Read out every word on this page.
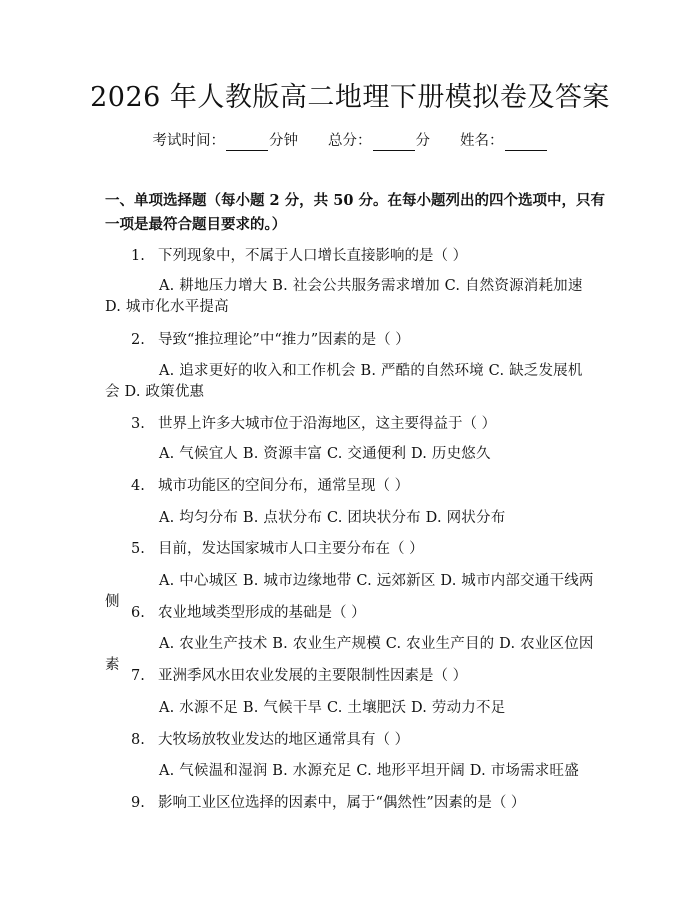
2026 年人教版高二地理下册模拟卷及答案
考试时间：	分钟 总分：	分 姓名：
一、单项选择题（每小题 2 分，共 50 分。在每小题列出的四个选项中，只有一项是最符合题目要求的。）
1. 下列现象中，不属于人口增长直接影响的是（ ）
A. 耕地压力增大 B. 社会公共服务需求增加 C. 自然资源消耗加速 D. 城市化水平提高
2. 导致“推拉理论”中“推力”因素的是（ ）
A. 追求更好的收入和工作机会 B. 严酷的自然环境 C. 缺乏发展机会 D. 政策优惠
3. 世界上许多大城市位于沿海地区，这主要得益于（ ）
A. 气候宜人 B. 资源丰富 C. 交通便利 D. 历史悠久
4. 城市功能区的空间分布，通常呈现（ ）
A. 均匀分布 B. 点状分布 C. 团块状分布 D. 网状分布
5. 目前，发达国家城市人口主要分布在（ ）
A. 中心城区 B. 城市边缘地带 C. 远郊新区 D. 城市内部交通干线两侧
6. 农业地域类型形成的基础是（ ）
A. 农业生产技术 B. 农业生产规模 C. 农业生产目的 D. 农业区位因素
7. 亚洲季风水田农业发展的主要限制性因素是（ ）
A. 水源不足 B. 气候干旱 C. 土壤肥沃 D. 劳动力不足
8. 大牧场放牧业发达的地区通常具有（ ）
A. 气候温和湿润 B. 水源充足 C. 地形平坦开阔 D. 市场需求旺盛
9. 影响工业区位选择的因素中，属于“偶然性”因素的是（ ）
